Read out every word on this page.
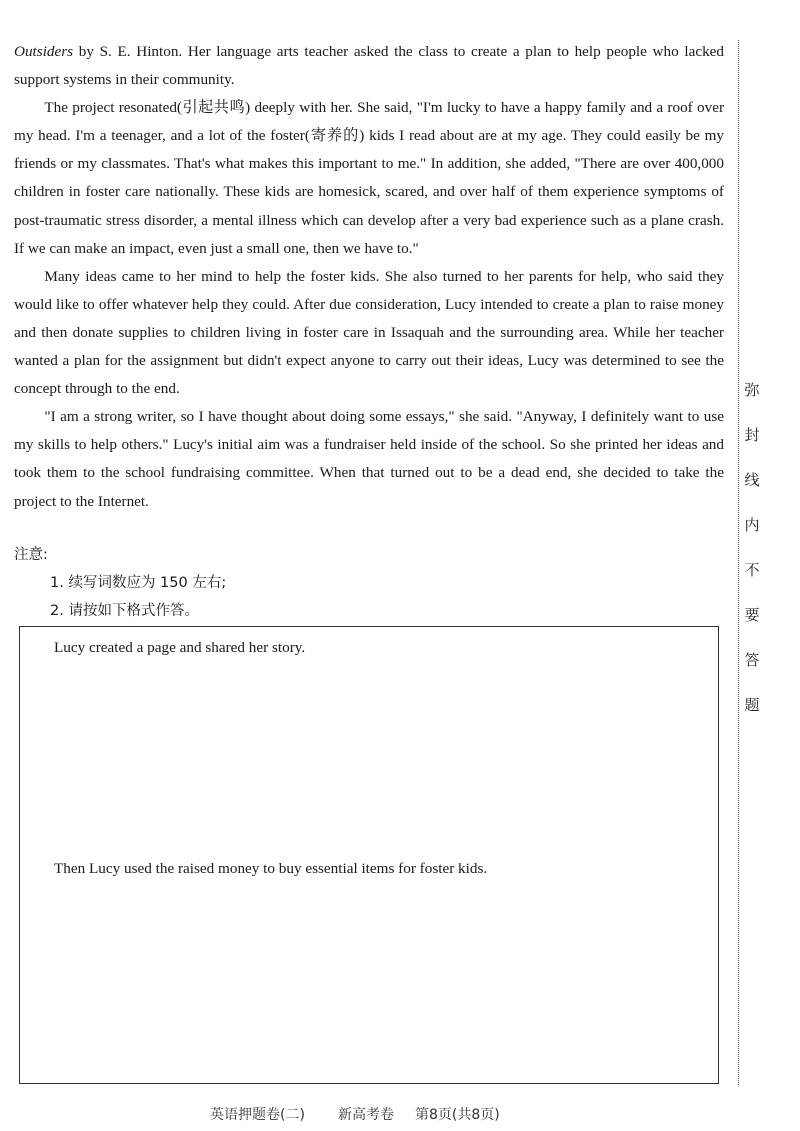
Outsiders by S. E. Hinton. Her language arts teacher asked the class to create a plan to help people who lacked support systems in their community.

The project resonated(引起共鸣) deeply with her. She said, "I'm lucky to have a happy family and a roof over my head. I'm a teenager, and a lot of the foster(寄养的) kids I read about are at my age. They could easily be my friends or my classmates. That's what makes this important to me." In addition, she added, "There are over 400,000 children in foster care nationally. These kids are homesick, scared, and over half of them experience symptoms of post-traumatic stress disorder, a mental illness which can develop after a very bad experience such as a plane crash. If we can make an impact, even just a small one, then we have to."

Many ideas came to her mind to help the foster kids. She also turned to her parents for help, who said they would like to offer whatever help they could. After due consideration, Lucy intended to create a plan to raise money and then donate supplies to children living in foster care in Issaquah and the surrounding area. While her teacher wanted a plan for the assignment but didn't expect anyone to carry out their ideas, Lucy was determined to see the concept through to the end.

"I am a strong writer, so I have thought about doing some essays," she said. "Anyway, I definitely want to use my skills to help others." Lucy's initial aim was a fundraiser held inside of the school. So she printed her ideas and took them to the school fundraising committee. When that turned out to be a dead end, she decided to take the project to the Internet.

注意:

1. 续写词数应为 150 左右;

2. 请按如下格式作答。

Lucy created a page and shared her story.
Then Lucy used the raised money to buy essential items for foster kids.
弥
封
线
内
不
要
答
题
英语押题卷(二) 新高考卷 第8页(共8页)
